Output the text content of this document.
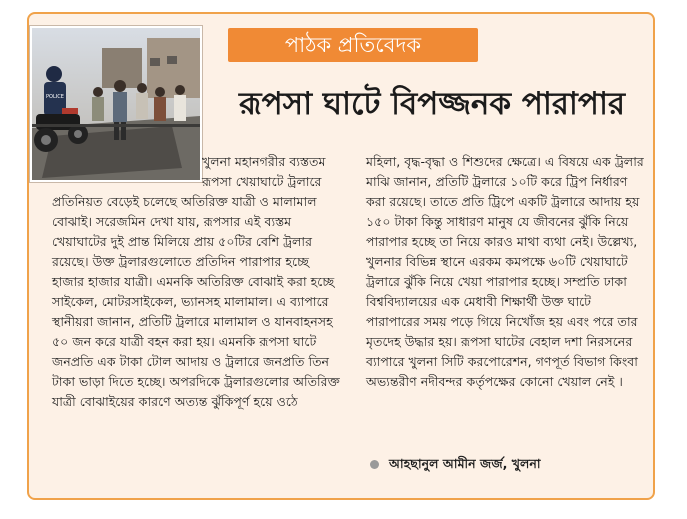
POLICE
পাঠক প্রতিবেদক
রূপসা ঘাটে বিপজ্জনক পারাপার

খুলনা মহানগরীর ব্যস্ততম রূপসা খেয়াঘাটে ট্রলারে প্রতিনিয়ত বেড়েই চলেছে অতিরিক্ত যাত্রী ও মালামাল বোঝাই। সরেজমিন দেখা যায়, রূপসার এই ব্যস্তম খেয়াঘাটের দুই প্রান্ত মিলিয়ে প্রায় ৫০টির বেশি ট্রলার রয়েছে। উক্ত ট্রলারগুলোতে প্রতিদিন পারাপার হচ্ছে হাজার হাজার যাত্রী। এমনকি অতিরিক্ত বোঝাই করা হচ্ছে সাইকেল, মোটরসাইকেল, ভ্যানসহ মালামাল। এ ব্যাপারে স্থানীয়রা জানান, প্রতিটি ট্রলারে মালামাল ও যানবাহনসহ ৫০ জন করে যাত্রী বহন করা হয়। এমনকি রূপসা ঘাটে জনপ্রতি এক টাকা টোল আদায় ও ট্রলারে জনপ্রতি তিন টাকা ভাড়া দিতে হচ্ছে। অপরদিকে ট্রলারগুলোর অতিরিক্ত যাত্রী বোঝাইয়ের কারণে অত্যন্ত ঝুঁকিপূর্ণ হয়ে ওঠে

মহিলা, বৃদ্ধ-বৃদ্ধা ও শিশুদের ক্ষেত্রে। এ বিষয়ে এক ট্রলার মাঝি জানান, প্রতিটি ট্রলারে ১০টি করে ট্রিপ নির্ধারণ করা রয়েছে। তাতে প্রতি ট্রিপে একটি ট্রলারে আদায় হয় ১৫০ টাকা কিন্তু সাধারণ মানুষ যে জীবনের ঝুঁকি নিয়ে পারাপার হচ্ছে তা নিয়ে কারও মাথা ব্যথা নেই। উল্লেখ্য, খুলনার বিভিন্ন স্থানে এরকম কমপক্ষে ৬০টি খেয়াঘাটে ট্রলারে ঝুঁকি নিয়ে খেয়া পারাপার হচ্ছে। সম্প্রতি ঢাকা বিশ্ববিদ্যালয়ের এক মেধাবী শিক্ষার্থী উক্ত ঘাটে পারাপারের সময় পড়ে গিয়ে নিখোঁজ হয় এবং পরে তার মৃতদেহ উদ্ধার হয়। রূপসা ঘাটের বেহাল দশা নিরসনের ব্যাপারে খুলনা সিটি করপোরেশন, গণপূর্ত বিভাগ কিংবা অভ্যন্তরীণ নদীবন্দর কর্তৃপক্ষের কোনো খেয়াল নেই ।

আহছানুল আমীন জর্জ, খুলনা
